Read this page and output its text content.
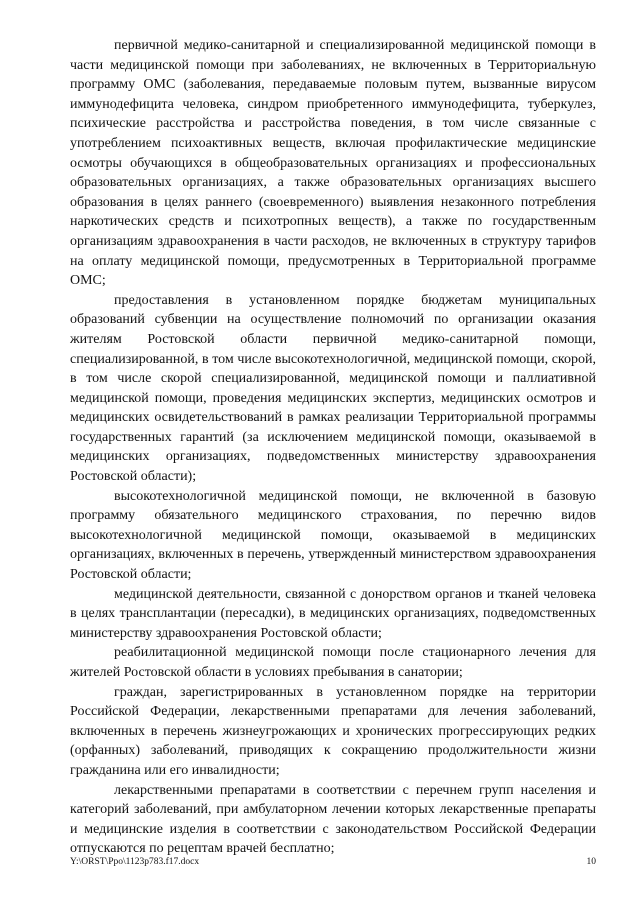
первичной медико-санитарной и специализированной медицинской помощи в части медицинской помощи при заболеваниях, не включенных в Территориальную программу ОМС (заболевания, передаваемые половым путем, вызванные вирусом иммунодефицита человека, синдром приобретенного иммунодефицита, туберкулез, психические расстройства и расстройства поведения, в том числе связанные с употреблением психоактивных веществ, включая профилактические медицинские осмотры обучающихся в общеобразовательных организациях и профессиональных образовательных организациях, а также образовательных организациях высшего образования в целях раннего (своевременного) выявления незаконного потребления наркотических средств и психотропных веществ), а также по государственным организациям здравоохранения в части расходов, не включенных в структуру тарифов на оплату медицинской помощи, предусмотренных в Территориальной программе ОМС;

предоставления в установленном порядке бюджетам муниципальных образований субвенции на осуществление полномочий по организации оказания жителям Ростовской области первичной медико-санитарной помощи, специализированной, в том числе высокотехнологичной, медицинской помощи, скорой, в том числе скорой специализированной, медицинской помощи и паллиативной медицинской помощи, проведения медицинских экспертиз, медицинских осмотров и медицинских освидетельствований в рамках реализации Территориальной программы государственных гарантий (за исключением медицинской помощи, оказываемой в медицинских организациях, подведомственных министерству здравоохранения Ростовской области);

высокотехнологичной медицинской помощи, не включенной в базовую программу обязательного медицинского страхования, по перечню видов высокотехнологичной медицинской помощи, оказываемой в медицинских организациях, включенных в перечень, утвержденный министерством здравоохранения Ростовской области;

медицинской деятельности, связанной с донорством органов и тканей человека в целях трансплантации (пересадки), в медицинских организациях, подведомственных министерству здравоохранения Ростовской области;

реабилитационной медицинской помощи после стационарного лечения для жителей Ростовской области в условиях пребывания в санатории;

граждан, зарегистрированных в установленном порядке на территории Российской Федерации, лекарственными препаратами для лечения заболеваний, включенных в перечень жизнеугрожающих и хронических прогрессирующих редких (орфанных) заболеваний, приводящих к сокращению продолжительности жизни гражданина или его инвалидности;

лекарственными препаратами в соответствии с перечнем групп населения и категорий заболеваний, при амбулаторном лечении которых лекарственные препараты и медицинские изделия в соответствии с законодательством Российской Федерации отпускаются по рецептам врачей бесплатно;

Y:\ORST\Ppo\1123p783.f17.docx	10
